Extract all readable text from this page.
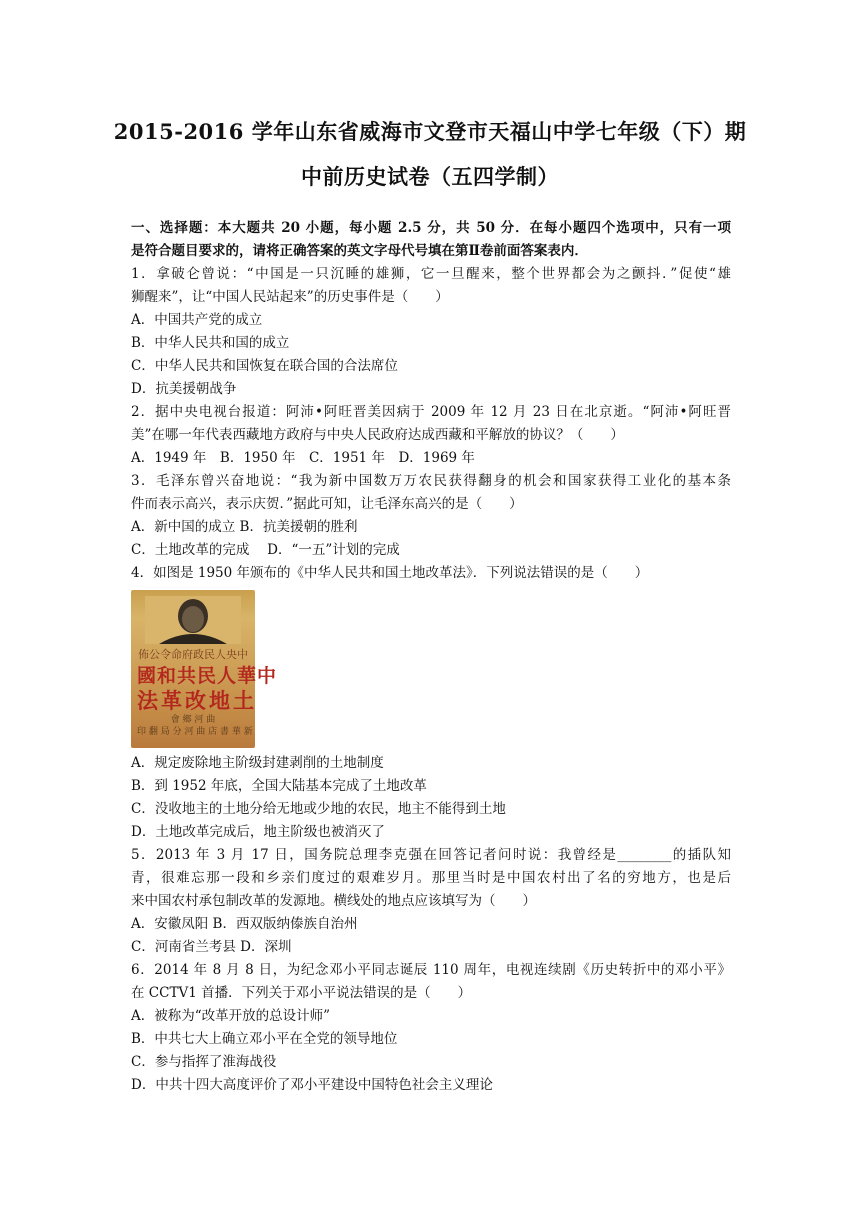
2015-2016 学年山东省威海市文登市天福山中学七年级（下）期
中前历史试卷（五四学制）
一、选择题：本大题共 20 小题，每小题 2.5 分，共 50 分．在每小题四个选项中，只有一项
是符合题目要求的，请将正确答案的英文字母代号填在第Ⅱ卷前面答案表内．
1．拿破仑曾说：“中国是一只沉睡的雄狮，它一旦醒来，整个世界都会为之颤抖．”促使“雄
狮醒来”，让“中国人民站起来”的历史事件是（　　）
A．中国共产党的成立
B．中华人民共和国的成立
C．中华人民共和国恢复在联合国的合法席位
D．抗美援朝战争
2．据中央电视台报道：阿沛•阿旺晋美因病于 2009 年 12 月 23 日在北京逝。“阿沛•阿旺晋
美”在哪一年代表西藏地方政府与中央人民政府达成西藏和平解放的协议？（　　）
A．1949 年　B．1950 年　C．1951 年　D．1969 年
3．毛泽东曾兴奋地说：“我为新中国数万万农民获得翻身的机会和国家获得工业化的基本条
件而表示高兴，表示庆贺．”据此可知，让毛泽东高兴的是（　　）
A．新中国的成立 B．抗美援朝的胜利
C．土地改革的完成　 D．“一五”计划的完成
4．如图是 1950 年颁布的《中华人民共和国土地改革法》．下列说法错误的是（　　）
佈公令命府政民人央中
國和共民人華中
法革改地土
會 鄉 河 曲
印 翻 局 分 河 曲 店 書 華 新
A．规定废除地主阶级封建剥削的土地制度
B．到 1952 年底，全国大陆基本完成了土地改革
C．没收地主的土地分给无地或少地的农民，地主不能得到土地
D．土地改革完成后，地主阶级也被消灭了
5．2013 年 3 月 17 日，国务院总理李克强在回答记者问时说：我曾经是________的插队知
青，很难忘那一段和乡亲们度过的艰难岁月。那里当时是中国农村出了名的穷地方，也是后
来中国农村承包制改革的发源地。横线处的地点应该填写为（　　）
A．安徽凤阳 B．西双版纳傣族自治州
C．河南省兰考县 D．深圳
6．2014 年 8 月 8 日，为纪念邓小平同志诞辰 110 周年，电视连续剧《历史转折中的邓小平》
在 CCTV1 首播．下列关于邓小平说法错误的是（　　）
A．被称为“改革开放的总设计师”
B．中共七大上确立邓小平在全党的领导地位
C．参与指挥了淮海战役
D．中共十四大高度评价了邓小平建设中国特色社会主义理论
